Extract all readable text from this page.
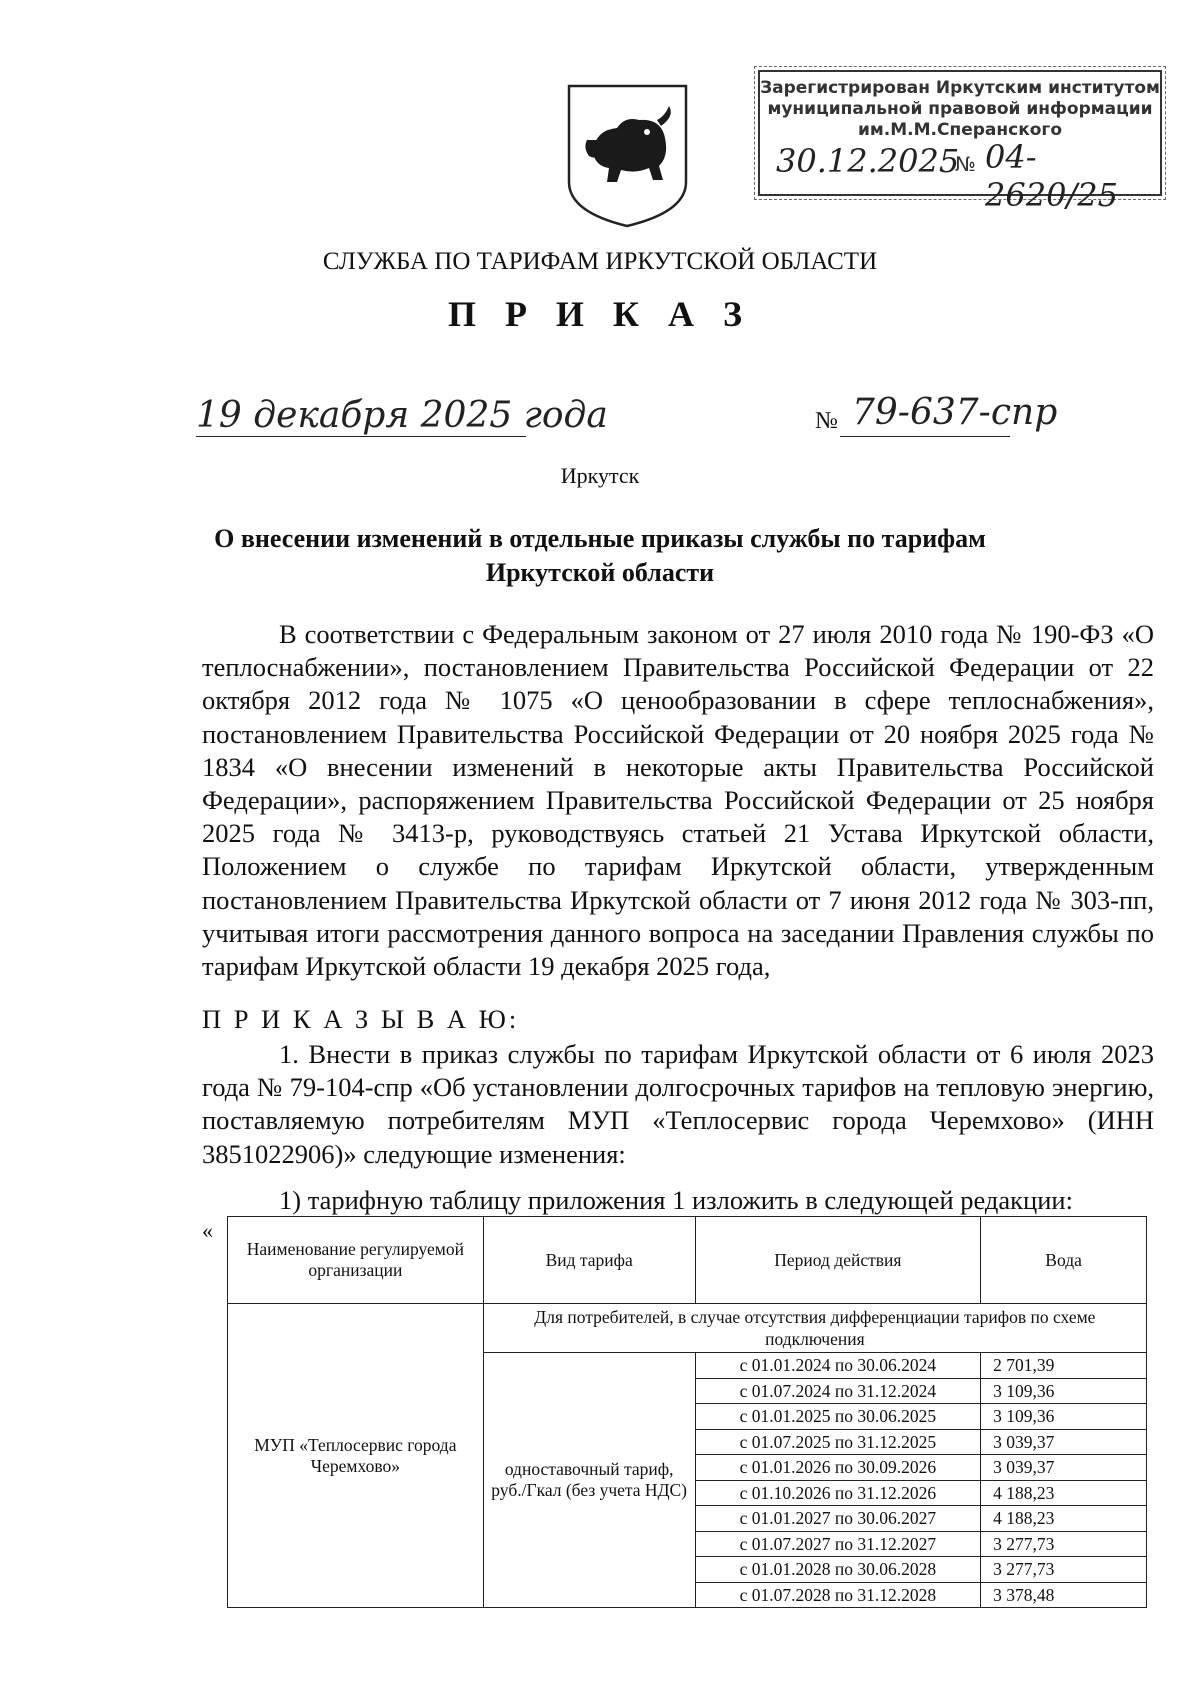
Зарегистрирован Иркутским институтом
муниципальной правовой информации
им.М.М.Сперанского
30.12.2025
№ 04-2620/25
СЛУЖБА ПО ТАРИФАМ ИРКУТСКОЙ ОБЛАСТИ
П Р И К А З
19 декабря 2025 года	№ 79-637-спр
Иркутск
О внесении изменений в отдельные приказы службы по тарифам
Иркутской области

В соответствии с Федеральным законом от 27 июля 2010 года № 190-ФЗ «О теплоснабжении», постановлением Правительства Российской Федерации от 22 октября 2012 года № 1075 «О ценообразовании в сфере теплоснабжения», постановлением Правительства Российской Федерации от 20 ноября 2025 года № 1834 «О внесении изменений в некоторые акты Правительства Российской Федерации», распоряжением Правительства Российской Федерации от 25 ноября 2025 года № 3413-р, руководствуясь статьей 21 Устава Иркутской области, Положением о службе по тарифам Иркутской области, утвержденным постановлением Правительства Иркутской области от 7 июня 2012 года № 303-пп, учитывая итоги рассмотрения данного вопроса на заседании Правления службы по тарифам Иркутской области 19 декабря 2025 года,

П Р И К А З Ы В А Ю:

1. Внести в приказ службы по тарифам Иркутской области от 6 июля 2023 года № 79-104-спр «Об установлении долгосрочных тарифов на тепловую энергию, поставляемую потребителям МУП «Теплосервис города Черемхово» (ИНН 3851022906)» следующие изменения:

1) тарифную таблицу приложения 1 изложить в следующей редакции:
«
Наименование регулируемой организации	Вид тарифа	Период действия	Вода
МУП «Теплосервис города Черемхово»	Для потребителей, в случае отсутствия дифференциации тарифов по схеме подключения		
	одноставочный тариф, руб./Гкал (без учета НДС)	с 01.01.2024 по 30.06.2024	2 701,39
		с 01.07.2024 по 31.12.2024	3 109,36
		с 01.01.2025 по 30.06.2025	3 109,36
		с 01.07.2025 по 31.12.2025	3 039,37
		с 01.01.2026 по 30.09.2026	3 039,37
		с 01.10.2026 по 31.12.2026	4 188,23
		с 01.01.2027 по 30.06.2027	4 188,23
		с 01.07.2027 по 31.12.2027	3 277,73
		с 01.01.2028 по 30.06.2028	3 277,73
		с 01.07.2028 по 31.12.2028	3 378,48
